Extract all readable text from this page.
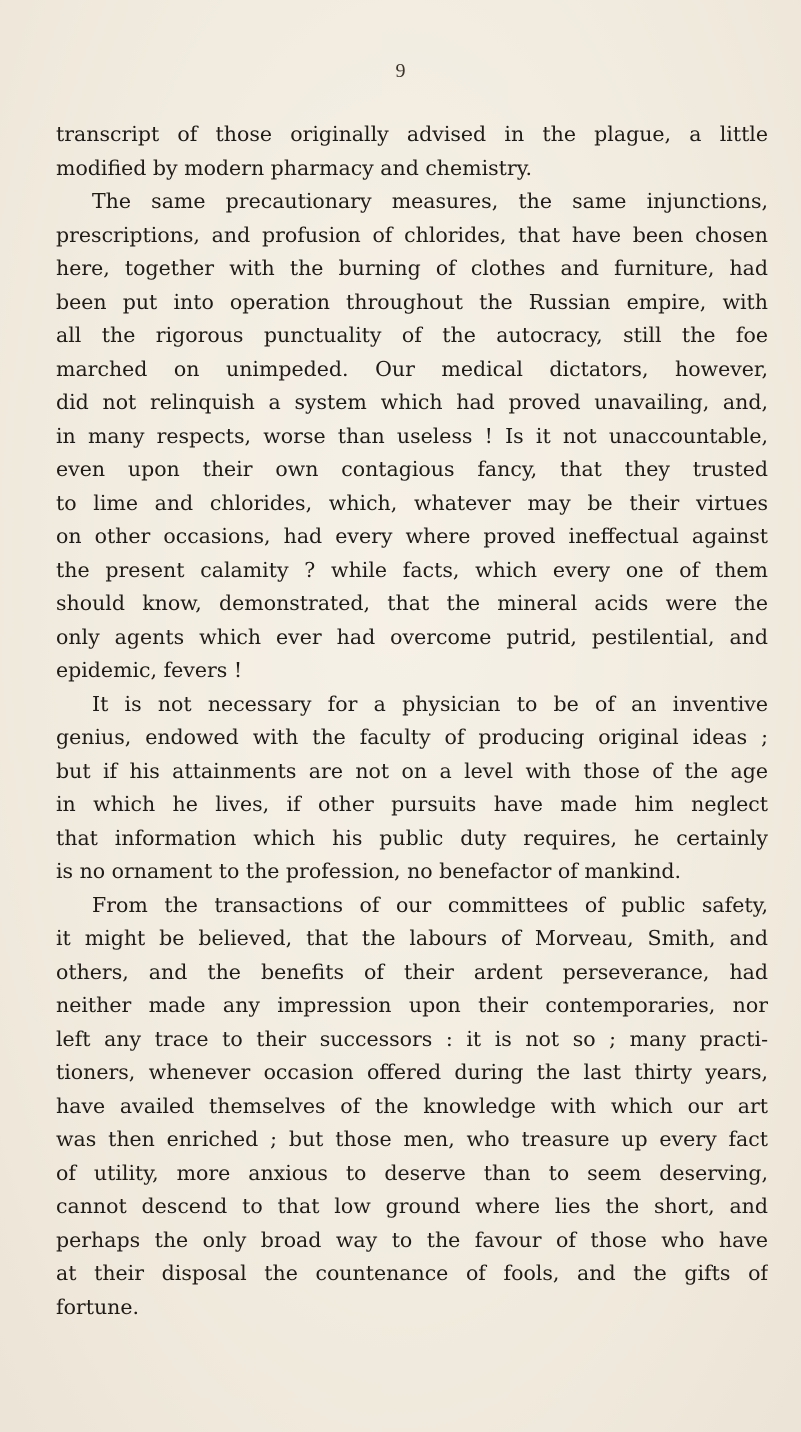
9
transcript of those originally advised in the plague, a little
modified by modern pharmacy and chemistry.
The same precautionary measures, the same injunctions,
prescriptions, and profusion of chlorides, that have been chosen
here, together with the burning of clothes and furniture, had
been put into operation throughout the Russian empire, with
all the rigorous punctuality of the autocracy, still the foe
marched on unimpeded. Our medical dictators, however,
did not relinquish a system which had proved unavailing, and,
in many respects, worse than useless ! Is it not unaccountable,
even upon their own contagious fancy, that they trusted
to lime and chlorides, which, whatever may be their virtues
on other occasions, had every where proved ineffectual against
the present calamity ? while facts, which every one of them
should know, demonstrated, that the mineral acids were the
only agents which ever had overcome putrid, pestilential, and
epidemic, fevers !
It is not necessary for a physician to be of an inventive
genius, endowed with the faculty of producing original ideas ;
but if his attainments are not on a level with those of the age
in which he lives, if other pursuits have made him neglect
that information which his public duty requires, he certainly
is no ornament to the profession, no benefactor of mankind.
From the transactions of our committees of public safety,
it might be believed, that the labours of Morveau, Smith, and
others, and the benefits of their ardent perseverance, had
neither made any impression upon their contemporaries, nor
left any trace to their successors : it is not so ; many practi-
tioners, whenever occasion offered during the last thirty years,
have availed themselves of the knowledge with which our art
was then enriched ; but those men, who treasure up every fact
of utility, more anxious to deserve than to seem deserving,
cannot descend to that low ground where lies the short, and
perhaps the only broad way to the favour of those who have
at their disposal the countenance of fools, and the gifts of
fortune.
